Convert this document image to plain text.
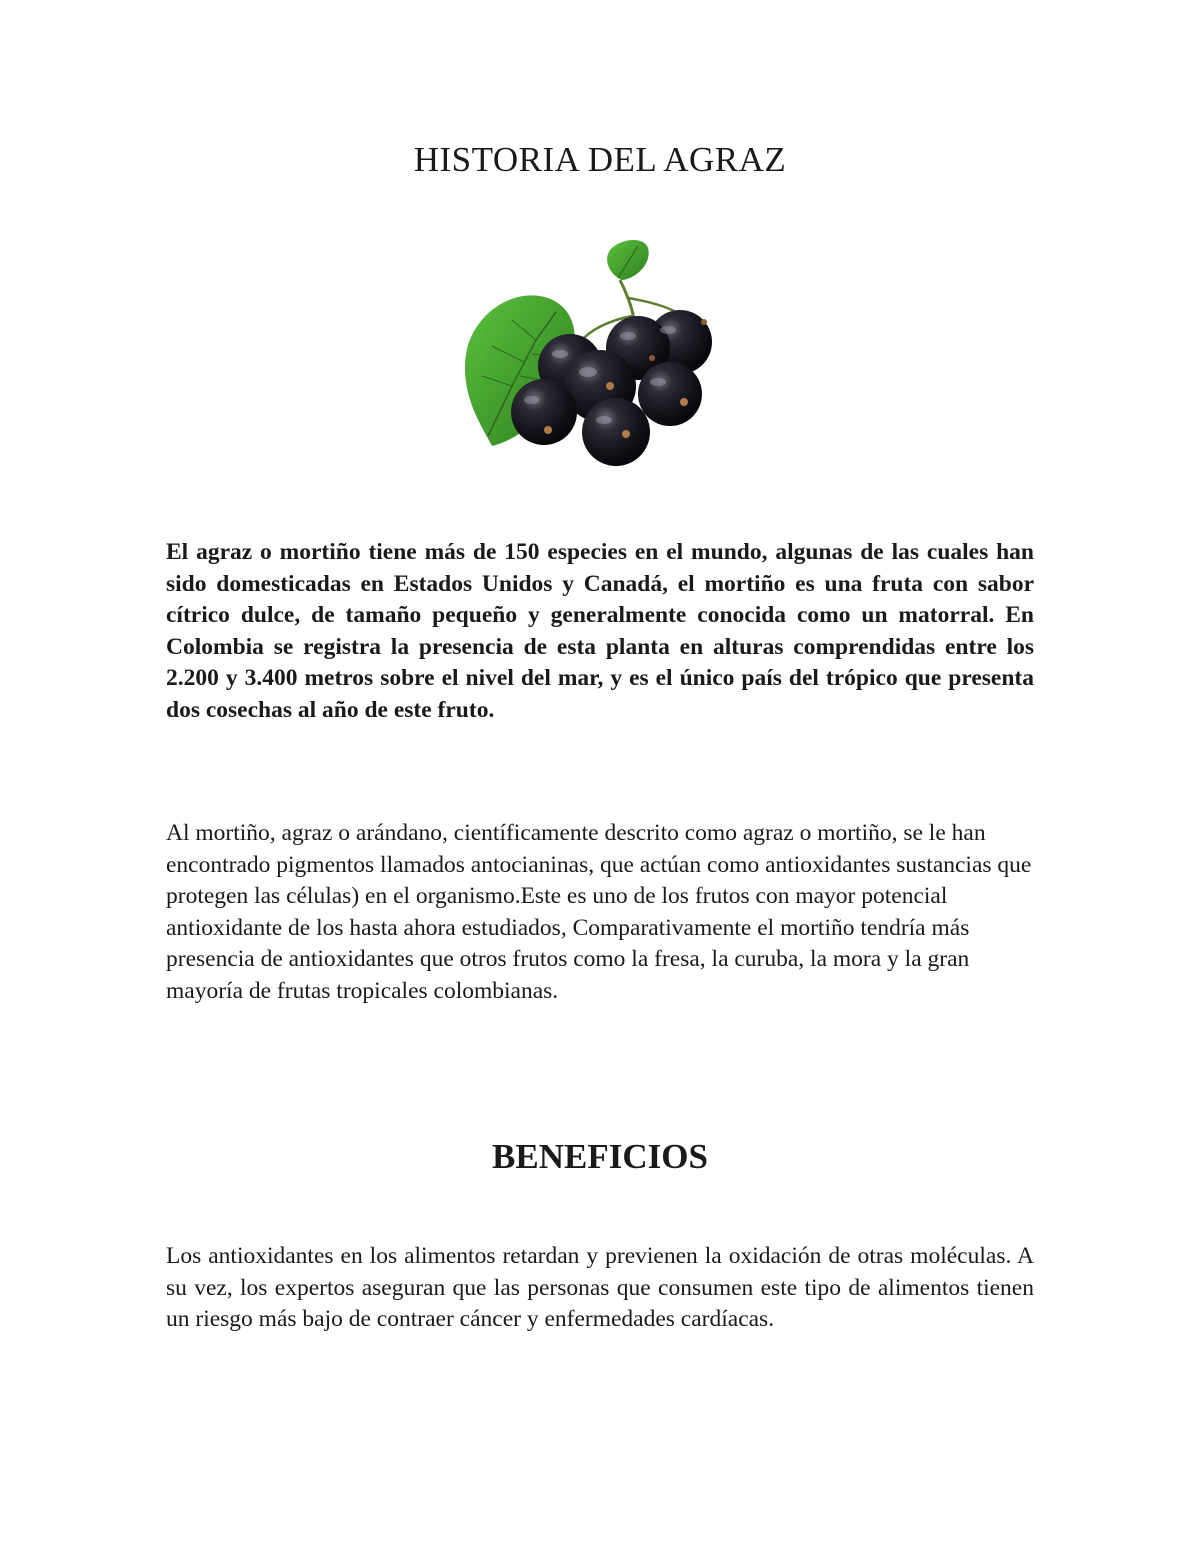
HISTORIA DEL AGRAZ

El agraz o mortiño tiene más de 150 especies en el mundo, algunas de las cuales han sido domesticadas en Estados Unidos y Canadá, el mortiño es una fruta con sabor cítrico dulce, de tamaño pequeño y generalmente conocida como un matorral. En Colombia se registra la presencia de esta planta en alturas comprendidas entre los 2.200 y 3.400 metros sobre el nivel del mar, y es el único país del trópico que presenta dos cosechas al año de este fruto.

Al mortiño, agraz o arándano, científicamente descrito como agraz o mortiño, se le han encontrado pigmentos llamados antocianinas, que actúan como antioxidantes sustancias que protegen las células) en el organismo.Este es uno de los frutos con mayor potencial antioxidante de los hasta ahora estudiados, Comparativamente el mortiño tendría más presencia de antioxidantes que otros frutos como la fresa, la curuba, la mora y la gran mayoría de frutas tropicales colombianas.

BENEFICIOS

Los antioxidantes en los alimentos retardan y previenen la oxidación de otras moléculas. A su vez, los expertos aseguran que las personas que consumen este tipo de alimentos tienen un riesgo más bajo de contraer cáncer y enfermedades cardíacas.
